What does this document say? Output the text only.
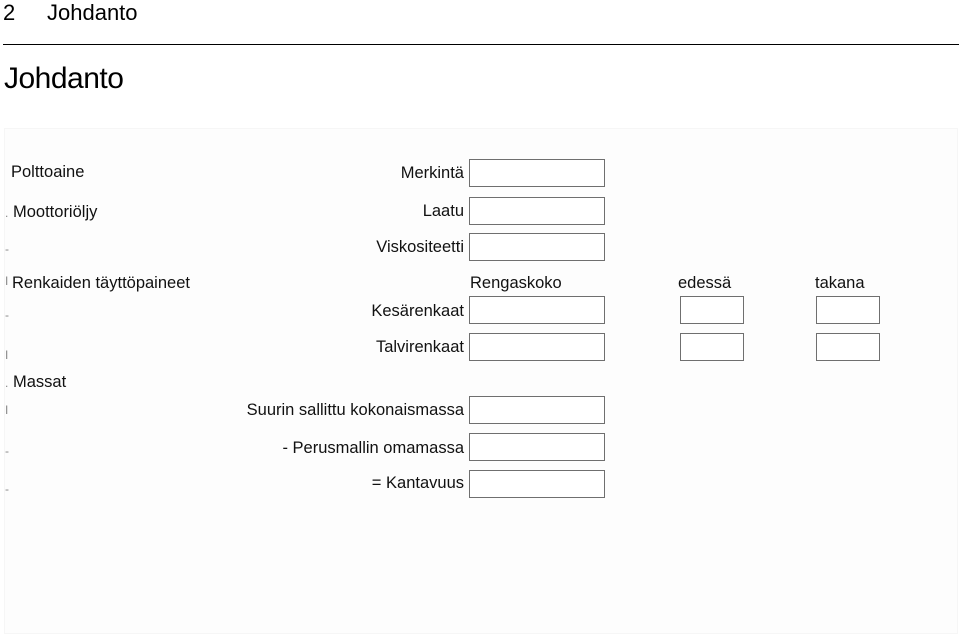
2 Johdanto
Johdanto
Polttoaine
. Moottoriöljy
-
I Renkaiden täyttöpaineet
-
I
. Massat
I
-
-
Merkintä
Laatu
Viskositeetti
Kesärenkaat
Talvirenkaat
Suurin sallittu kokonaismassa
- Perusmallin omamassa
= Kantavuus
Rengaskoko	edessä	takana
